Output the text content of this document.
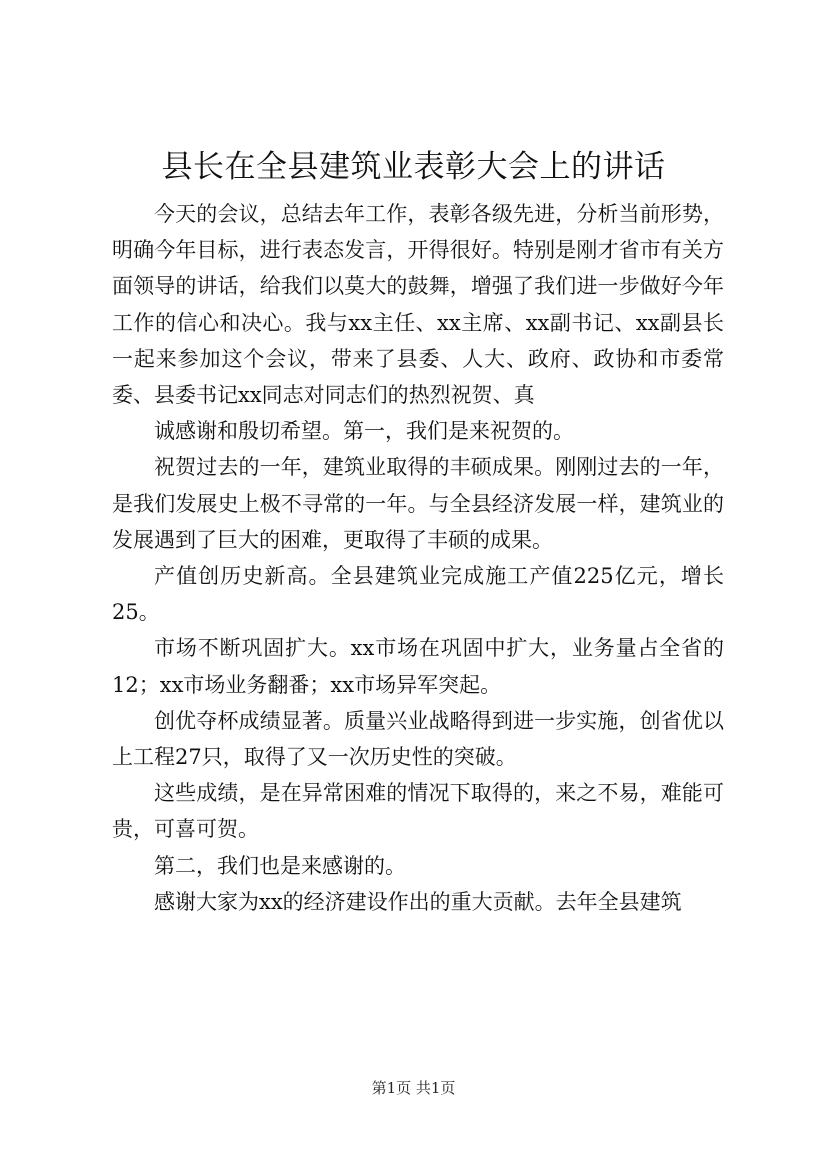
县长在全县建筑业表彰大会上的讲话

今天的会议，总结去年工作，表彰各级先进，分析当前形势，明确今年目标，进行表态发言，开得很好。特别是刚才省市有关方面领导的讲话，给我们以莫大的鼓舞，增强了我们进一步做好今年工作的信心和决心。我与xx主任、xx主席、xx副书记、xx副县长一起来参加这个会议，带来了县委、人大、政府、政协和市委常委、县委书记xx同志对同志们的热烈祝贺、真

诚感谢和殷切希望。第一，我们是来祝贺的。

祝贺过去的一年，建筑业取得的丰硕成果。刚刚过去的一年，是我们发展史上极不寻常的一年。与全县经济发展一样，建筑业的发展遇到了巨大的困难，更取得了丰硕的成果。

产值创历史新高。全县建筑业完成施工产值225亿元，增长25。

市场不断巩固扩大。xx市场在巩固中扩大，业务量占全省的12；xx市场业务翻番；xx市场异军突起。

创优夺杯成绩显著。质量兴业战略得到进一步实施，创省优以上工程27只，取得了又一次历史性的突破。

这些成绩，是在异常困难的情况下取得的，来之不易，难能可贵，可喜可贺。

第二，我们也是来感谢的。

感谢大家为xx的经济建设作出的重大贡献。去年全县建筑

第1页 共1页
